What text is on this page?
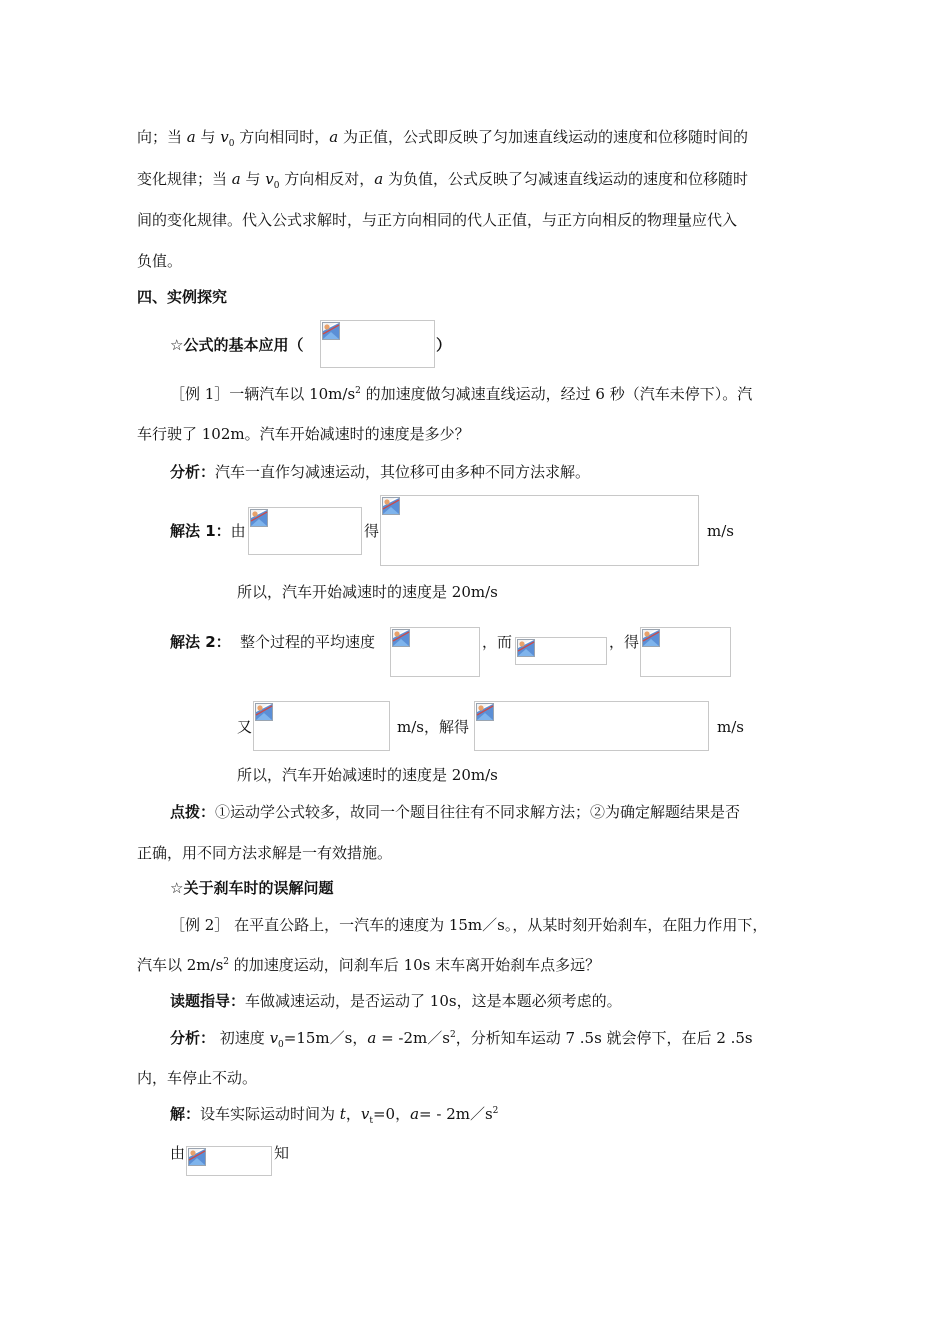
向；当 a 与 $v_0$ 方向相同时，a 为正值，公式即反映了匀加速直线运动的速度和位移随时间的
变化规律；当 a 与 $v_0$ 方向相反对，a 为负值，公式反映了匀减速直线运动的速度和位移随时
间的变化规律。代入公式求解时，与正方向相同的代人正值，与正方向相反的物理量应代入
负值。
四、实例探究
☆公式的基本应用（	）
［例 1］一辆汽车以 $10m/s^2$ 的加速度做匀减速直线运动，经过 6 秒（汽车未停下）。汽
车行驶了 102m。汽车开始减速时的速度是多少？
分析：汽车一直作匀减速运动，其位移可由多种不同方法求解。
解法 1：由	得	m/s
所以，汽车开始减速时的速度是 20m/s
解法 2： 整个过程的平均速度	，而	，得
又	m/s，解得	m/s
所以，汽车开始减速时的速度是 20m/s
点拨：①运动学公式较多，故同一个题目往往有不同求解方法；②为确定解题结果是否
正确，用不同方法求解是一有效措施。
☆关于刹车时的误解问题
［例 2］ 在平直公路上，一汽车的速度为 15m／s。，从某时刻开始刹车，在阻力作用下，
汽车以 $2m/s^2$ 的加速度运动，问刹车后 10s 末车离开始刹车点多远？
读题指导：车做减速运动，是否运动了 10s，这是本题必须考虑的。
分析： 初速度 $v_0=15m/s$，$a = -2m/s^2$，分析知车运动 7 .5s 就会停下，在后 2 .5s
内，车停止不动。
解：设车实际运动时间为 t，$v_t=0$，$a= - 2m/s^2$
由	知
